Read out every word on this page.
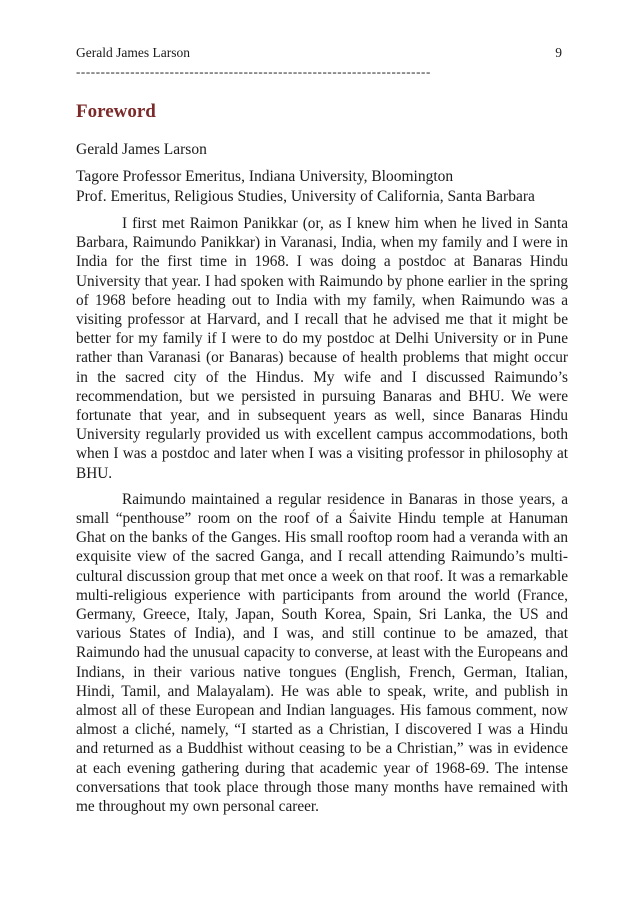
Gerald James Larson	9
------------------------------------------------------------------------
Foreword
Gerald James Larson
Tagore Professor Emeritus, Indiana University, Bloomington
Prof. Emeritus, Religious Studies, University of California, Santa Barbara

I first met Raimon Panikkar (or, as I knew him when he lived in Santa Barbara, Raimundo Panikkar) in Varanasi, India, when my family and I were in India for the first time in 1968. I was doing a postdoc at Banaras Hindu University that year. I had spoken with Raimundo by phone earlier in the spring of 1968 before heading out to India with my family, when Raimundo was a visiting professor at Harvard, and I recall that he advised me that it might be better for my family if I were to do my postdoc at Delhi University or in Pune rather than Varanasi (or Banaras) because of health problems that might occur in the sacred city of the Hindus. My wife and I discussed Raimundo’s recommendation, but we persisted in pursuing Banaras and BHU. We were fortunate that year, and in subsequent years as well, since Banaras Hindu University regularly provided us with excellent campus accommodations, both when I was a postdoc and later when I was a visiting professor in philosophy at BHU.

Raimundo maintained a regular residence in Banaras in those years, a small “penthouse” room on the roof of a Śaivite Hindu temple at Hanuman Ghat on the banks of the Ganges. His small rooftop room had a veranda with an exquisite view of the sacred Ganga, and I recall attending Raimundo’s multi-cultural discussion group that met once a week on that roof. It was a remarkable multi-religious experience with participants from around the world (France, Germany, Greece, Italy, Japan, South Korea, Spain, Sri Lanka, the US and various States of India), and I was, and still continue to be amazed, that Raimundo had the unusual capacity to converse, at least with the Europeans and Indians, in their various native tongues (English, French, German, Italian, Hindi, Tamil, and Malayalam). He was able to speak, write, and publish in almost all of these European and Indian languages. His famous comment, now almost a cliché, namely, “I started as a Christian, I discovered I was a Hindu and returned as a Buddhist without ceasing to be a Christian,” was in evidence at each evening gathering during that academic year of 1968-69. The intense conversations that took place through those many months have remained with me throughout my own personal career.
